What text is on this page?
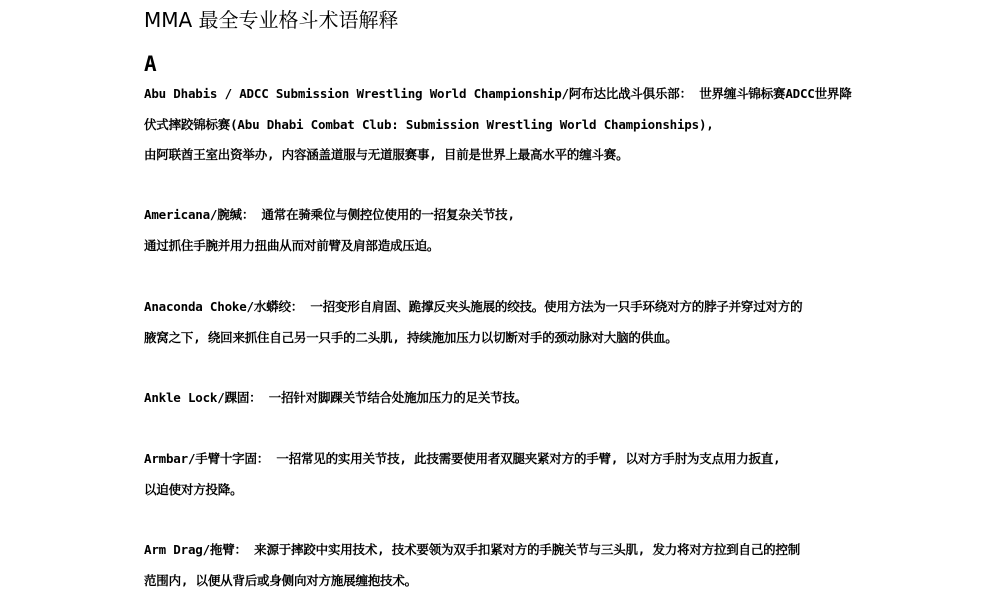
MMA 最全专业格斗术语解释
A
Abu Dhabis / ADCC Submission Wrestling World Championship/阿布达比战斗俱乐部： 世界缠斗锦标赛ADCC世界降
伏式摔跤锦标赛(Abu Dhabi Combat Club: Submission Wrestling World Championships),
由阿联酋王室出资举办, 内容涵盖道服与无道服赛事, 目前是世界上最高水平的缠斗赛。
Americana/腕缄： 通常在骑乘位与侧控位使用的一招复杂关节技,
通过抓住手腕并用力扭曲从而对前臂及肩部造成压迫。
Anaconda Choke/水蟒绞： 一招变形自肩固、跪撑反夹头施展的绞技。使用方法为一只手环绕对方的脖子并穿过对方的
腋窝之下, 绕回来抓住自己另一只手的二头肌, 持续施加压力以切断对手的颈动脉对大脑的供血。
Ankle Lock/踝固： 一招针对脚踝关节结合处施加压力的足关节技。
Armbar/手臂十字固： 一招常见的实用关节技, 此技需要使用者双腿夹紧对方的手臂, 以对方手肘为支点用力扳直,
以迫使对方投降。
Arm Drag/拖臂： 来源于摔跤中实用技术, 技术要领为双手扣紧对方的手腕关节与三头肌, 发力将对方拉到自己的控制
范围内, 以便从背后或身侧向对方施展缠抱技术。
